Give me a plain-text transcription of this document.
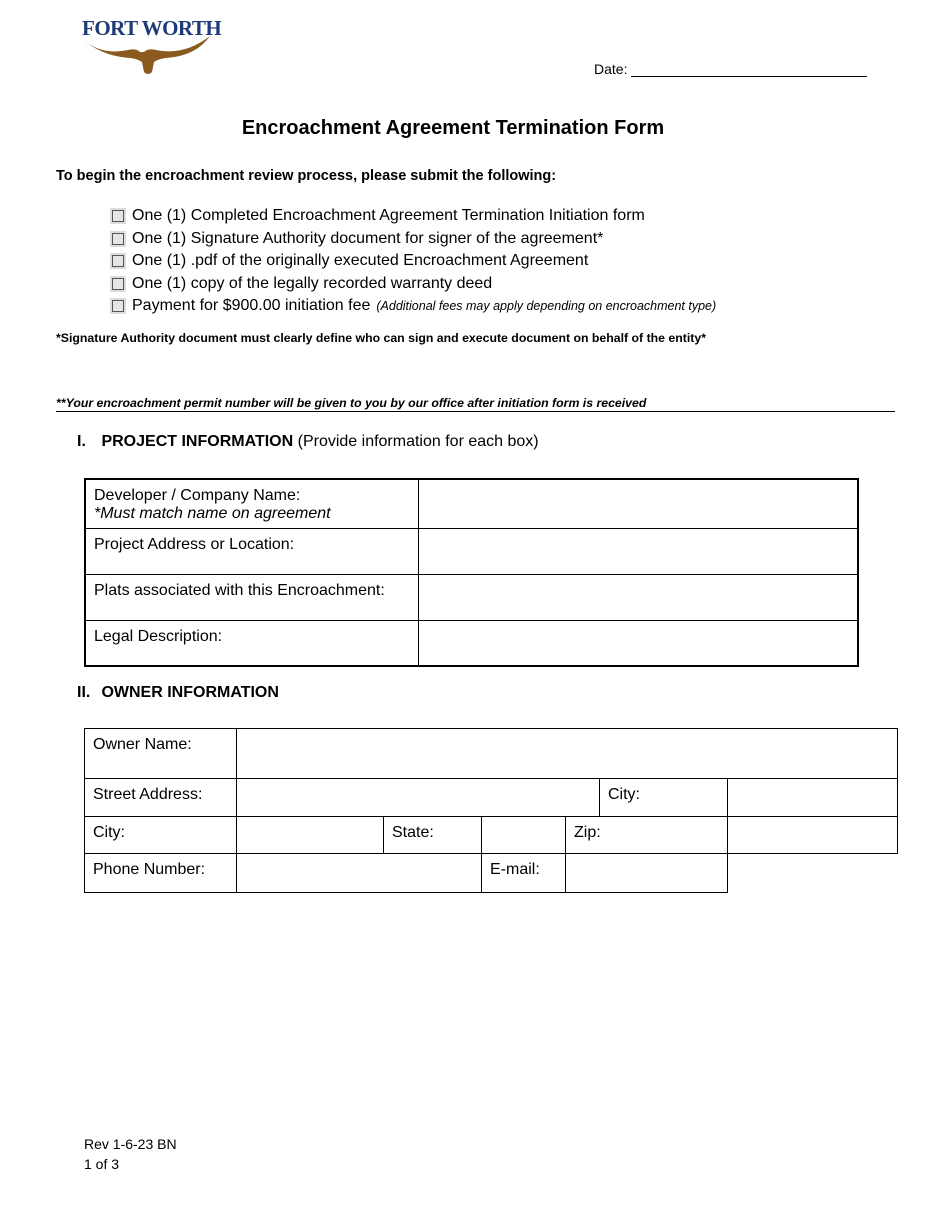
FORT WORTH
Date:
Encroachment Agreement Termination Form
To begin the encroachment review process, please submit the following:
One (1) Completed Encroachment Agreement Termination Initiation form
One (1) Signature Authority document for signer of the agreement*
One (1) .pdf of the originally executed Encroachment Agreement
One (1) copy of the legally recorded warranty deed
Payment for $900.00 initiation fee (Additional fees may apply depending on encroachment type)
*Signature Authority document must clearly define who can sign and execute document on behalf of the entity*
**Your encroachment permit number will be given to you by our office after initiation form is received
I. PROJECT INFORMATION (Provide information for each box)
Developer / Company Name:
*Must match name on agreement	

Project Address or Location:	
Plats associated with this Encroachment:	
Legal Description:	
II. OWNER INFORMATION
Owner Name:						
Street Address:					City:	
City:		State:		Zip:		
Phone Number:			E-mail:			
Rev 1-6-23 BN
1 of 3
